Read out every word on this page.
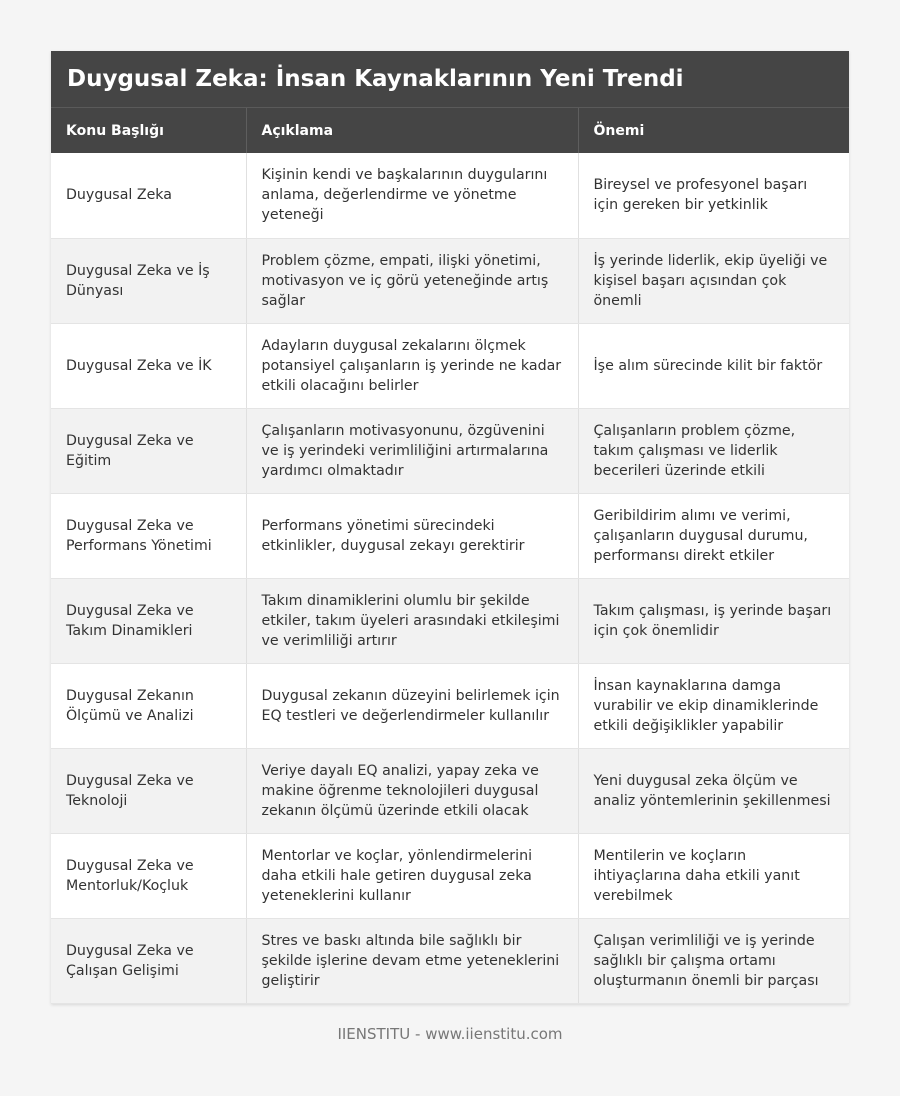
Duygusal Zeka: İnsan Kaynaklarının Yeni Trendi
Konu Başlığı	Açıklama	Önemi
Duygusal Zeka	Kişinin kendi ve başkalarının duygularını anlama, değerlendirme ve yönetme yeteneği	Bireysel ve profesyonel başarı için gereken bir yetkinlik
Duygusal Zeka ve İş Dünyası	Problem çözme, empati, ilişki yönetimi, motivasyon ve iç görü yeteneğinde artış sağlar	İş yerinde liderlik, ekip üyeliği ve kişisel başarı açısından çok önemli
Duygusal Zeka ve İK	Adayların duygusal zekalarını ölçmek potansiyel çalışanların iş yerinde ne kadar etkili olacağını belirler	İşe alım sürecinde kilit bir faktör
Duygusal Zeka ve Eğitim	Çalışanların motivasyonunu, özgüvenini ve iş yerindeki verimliliğini artırmalarına yardımcı olmaktadır	Çalışanların problem çözme, takım çalışması ve liderlik becerileri üzerinde etkili
Duygusal Zeka ve Performans Yönetimi	Performans yönetimi sürecindeki etkinlikler, duygusal zekayı gerektirir	Geribildirim alımı ve verimi, çalışanların duygusal durumu, performansı direkt etkiler
Duygusal Zeka ve Takım Dinamikleri	Takım dinamiklerini olumlu bir şekilde etkiler, takım üyeleri arasındaki etkileşimi ve verimliliği artırır	Takım çalışması, iş yerinde başarı için çok önemlidir
Duygusal Zekanın Ölçümü ve Analizi	Duygusal zekanın düzeyini belirlemek için EQ testleri ve değerlendirmeler kullanılır	İnsan kaynaklarına damga vurabilir ve ekip dinamiklerinde etkili değişiklikler yapabilir
Duygusal Zeka ve Teknoloji	Veriye dayalı EQ analizi, yapay zeka ve makine öğrenme teknolojileri duygusal zekanın ölçümü üzerinde etkili olacak	Yeni duygusal zeka ölçüm ve analiz yöntemlerinin şekillenmesi
Duygusal Zeka ve Mentorluk/Koçluk	Mentorlar ve koçlar, yönlendirmelerini daha etkili hale getiren duygusal zeka yeteneklerini kullanır	Mentilerin ve koçların ihtiyaçlarına daha etkili yanıt verebilmek
Duygusal Zeka ve Çalışan Gelişimi	Stres ve baskı altında bile sağlıklı bir şekilde işlerine devam etme yeteneklerini geliştirir	Çalışan verimliliği ve iş yerinde sağlıklı bir çalışma ortamı oluşturmanın önemli bir parçası
IIENSTITU - www.iienstitu.com
